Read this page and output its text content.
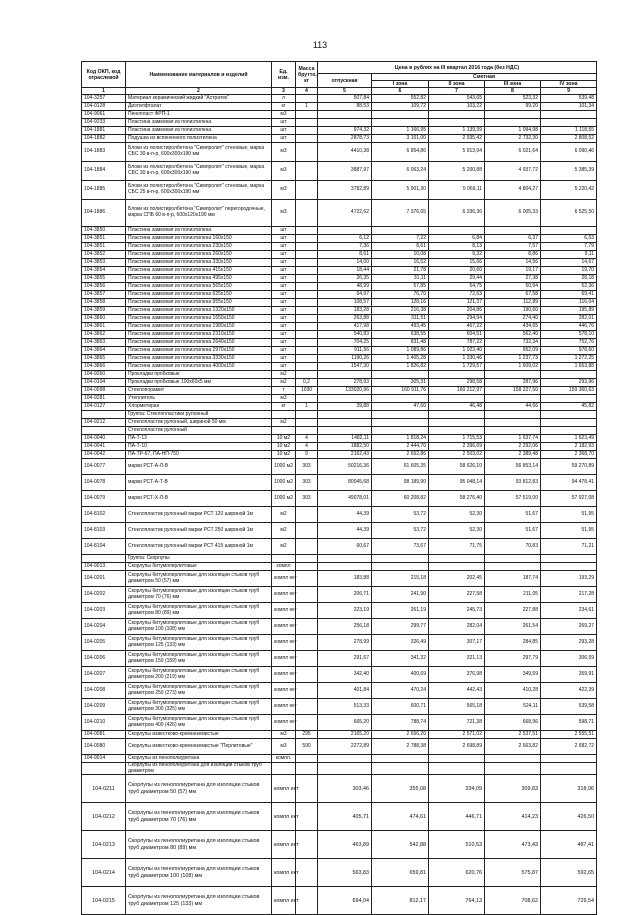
113
Код ОКП, код отраслевой	Наименование материалов и изделий	Ед. изм.	Масса брутто, кг	Цена в рублях на III квартал 2016 года (без НДС)				
				отпускная	Сметная			
					I зона	II зона	III зона	IV зона
1	2	3	4	5	6	7	8	9
104-3257	Материал керамический жидкий "Астратек"	л		507,84	552,82	543,65	523,32	539,48
104-0128	Диэтилфталат	кг	1	88,53	109,72	103,22	99,20	101,34
104-9061	Пенопласт ФРП-1	м3						
104-9233	Пластина замковая из полиэтилена	шт						
104-1881	Пластина замковая из полиэтилена	шт		974,32	1 166,95	1 139,39	1 094,98	1 118,55
104-1882	Подушка из вспененного полиэтилена	шт		2878,73	3 101,00	2 935,42	2 732,30	2 808,52
104-1883	Блоки из полистиролбетона "Симпролит" стеновые, марка СБС 30 в-п-р, 600х300х190 мм	м3		4410,38	6 854,86	5 913,94	6 021,64	6 090,46
104-1884	Блоки из полистиролбетона "Симпролит" стеновые, марка СБС 30 в-п-р, 600х300х190 мм	м3		3887,97	6 063,24	5 200,88	4 937,72	5 385,39
104-1885	Блоки из полистиролбетона "Симпролит" стеновые, марка СБС 25 в-п-р, 600х300х190 мм	м3		3782,89	5 901,30	5 069,11	4 804,27	5 220,42
104-1886	Блоки из полистиролбетона "Симпролит" перегородочные, марка СПБ 60 в-п-р, 600х120х190 мм	м3		4722,62	7 376,65	6 336,36	6 005,33	6 525,50
104-3850	Пластина замковая из полиэтилена	шт						
104-3851	Пластина замковая из полиэтилена 160х150	шт		6,12	7,22	6,84	6,37	6,53
104-3851	Пластина замковая из полиэтилена 230х150	шт		7,36	8,61	8,13	7,57	7,79
104-3852	Пластина замковая из полиэтилена 260х150	шт		8,61	10,08	9,32	8,86	9,11
104-3853	Пластина замковая из полиэтилена 330х150	шт		14,00	16,52	15,66	14,56	14,67
104-3854	Пластина замковая из полиэтилена 415х150	шт		18,44	21,78	20,60	19,17	19,70
104-3855	Пластина замковая из полиэтилена 495х150	шт		26,35	31,11	29,44	27,38	28,18
104-3856	Пластина замковая из полиэтилена 565х150	шт		48,99	57,85	54,75	50,94	52,36
104-3857	Пластина замковая из полиэтилена 625х150	шт		64,97	76,70	72,63	67,58	69,41
104-3858	Пластина замковая из полиэтилена 955х150	шт		108,57	128,16	121,37	112,89	116,04
104-3859	Пластина замковая из полиэтилена 1320х150	шт		183,28	216,38	204,86	190,60	195,89
104-3860	Пластина замковая из полиэтилена 1650х150	шт		263,88	311,51	294,94	274,40	282,01
104-3861	Пластина замковая из полиэтилена 1980х150	шт		417,98	493,45	467,22	434,65	446,76
104-3862	Пластина замковая из полиэтилена 2310х150	шт		540,83	638,55	604,51	562,40	578,10
104-3863	Пластина замковая из полиэтилена 2640х150	шт		704,25	831,48	787,22	732,34	752,76
104-3864	Пластина замковая из полиэтилена 2970х150	шт		911,56	1 089,86	1 023,40	952,09	978,60
104-3865	Пластина замковая из полиэтилена 3330х150	шт		1190,26	1 405,28	1 330,46	1 237,73	1 272,25
104-3866	Пластина замковая из полиэтилена 4000х150	шт		1547,30	1 826,82	1 729,57	1 609,02	1 653,88
104-9260	Прокладки пробковые	м2						
104-0104	Прокладки пробковые 100х60х5 мм	м2	0,2	278,93	305,31	298,58	287,96	293,96
104-0098	Стеклопорамит	т	1030	133020,96	160 911,76	160 212,97	158 227,50	159 360,63
104-9281	Утеплитель	м3						
104-0127	Хлорметиран	кг	1	39,88	47,60	46,48	44,66	45,82
	Группа: Стеклопластики рулонный							
104-9212	Стеклопластик рулонный, шириной 50 мм	м2						
	Стеклопластик рулонный							
104-0040	ПА-Т-13	10 м2	4	1482,11	1 818,24	1 715,53	1 637,74	1 623,49
104-0041	ПА-Т-10	10 м2	4	1882,50	2 444,70	2 396,69	2 292,06	2 182,93
104-0042	ПА-ТР-67, ПА-НП-750	10 м2	9	2162,43	2 652,86	2 503,02	2 389,48	2 368,70
104-0077	марки РСТ-А-Л-В	1000 м2	303	50216,36	61 605,35	58 626,10	56 853,14	59 270,89
104-0078	марки РСТ-А-Т-В	1000 м2	303	80045,68	98 189,90	95 048,14	93 812,83	94 478,41
104-0079	марки РСТ-Х-Л-В	1000 м2	303	49078,01	60 208,82	58 276,40	57 519,00	57 927,08
104-8102	Стеклопластик рулонный марки РСТ 120 шириной 1м	м2		44,39	53,72	52,30	51,67	51,95
104-8103	Стеклопластик рулонный марки РСТ 250 шириной 1м	м2		44,39	53,72	52,30	51,67	51,95
104-8104	Стеклопластик рулонный марки РСТ 415 шириной 1м	м2		60,67	73,67	71,75	70,83	71,21
	Группа: Скорлупы							
104-9013	Скорлупы битумоперлитовые	компл						
104-0201	Скорлупы битумоперлитовые для изоляции стыков труб диаметром 50 (57) мм	компл ект		183,88	215,18	202,45	187,74	193,29
104-0202	Скорлупы битумоперлитовые для изоляции стыков труб диаметром 70 (76) мм	компл ект		206,71	241,90	227,58	211,05	217,28
104-0203	Скорлупы битумоперлитовые для изоляции стыков труб диаметром 80 (89) мм	компл ект		223,19	261,19	245,73	227,88	234,61
104-0204	Скорлупы битумоперлитовые для изоляции стыков труб диаметром 100 (108) мм	компл ект		256,18	299,77	282,04	261,54	269,27
104-0205	Скорлупы битумоперлитовые для изоляции стыков труб диаметром 125 (133) мм	компл ект		278,99	326,49	307,17	284,85	293,28
104-0206	Скорлупы битумоперлитовые для изоляции стыков труб диаметром 150 (159) мм	компл ект		291,67	341,32	321,13	297,79	306,59
104-0207	Скорлупы битумоперлитовые для изоляции стыков труб диаметром 200 (219) мм	компл ект		342,40	400,69	376,98	349,59	359,91
104-0208	Скорлупы битумоперлитовые для изоляции стыков труб диаметром 250 (273) мм	компл ект		401,84	470,24	442,43	410,28	422,39
104-0209	Скорлупы битумоперлитовые для изоляции стыков труб диаметром 300 (325) мм	компл ект		513,33	600,71	565,18	524,11	539,58
104-0210	Скорлупы битумоперлитовые для изоляции стыков труб диаметром 400 (426) мм	компл ект		665,20	788,74	721,38	668,96	598,71
104-0081	Скорлупы известково-кремнеземистые	м3	295	2165,20	2 656,20	2 571,02	2 537,51	2 555,51
104-0080	Скорлупы известково-кремнеземистые "Перлитовые"	м3	590	2272,89	2 788,38	2 698,89	2 663,82	2 682,72
104-9014	Скорлупы из пенополиуретана	компл.						
	Скорлупы из пенополиуретана для изоляции стыков труб диаметром							
104-0211	Скорлупы из пенополиуретана для изоляции стыков труб диаметром 50 (57) мм	компл ект		303,46	355,08	334,09	309,83	318,96
104-0212	Скорлупы из пенополиуретана для изоляции стыков труб диаметром 70 (76) мм	компл ект		405,71	474,61	446,71	414,23	426,50
104-0213	Скорлупы из пенополиуретана для изоляции стыков труб диаметром 80 (89) мм	компл ект		463,89	542,88	510,53	473,43	487,41
104-0214	Скорлупы из пенополиуретана для изоляции стыков труб диаметром 100 (108) мм	компл ект		563,83	659,81	620,76	575,87	592,65
104-0215	Скорлупы из пенополиуретана для изоляции стыков труб диаметром 125 (133) мм	компл ект		694,04	812,17	764,13	708,62	729,54
